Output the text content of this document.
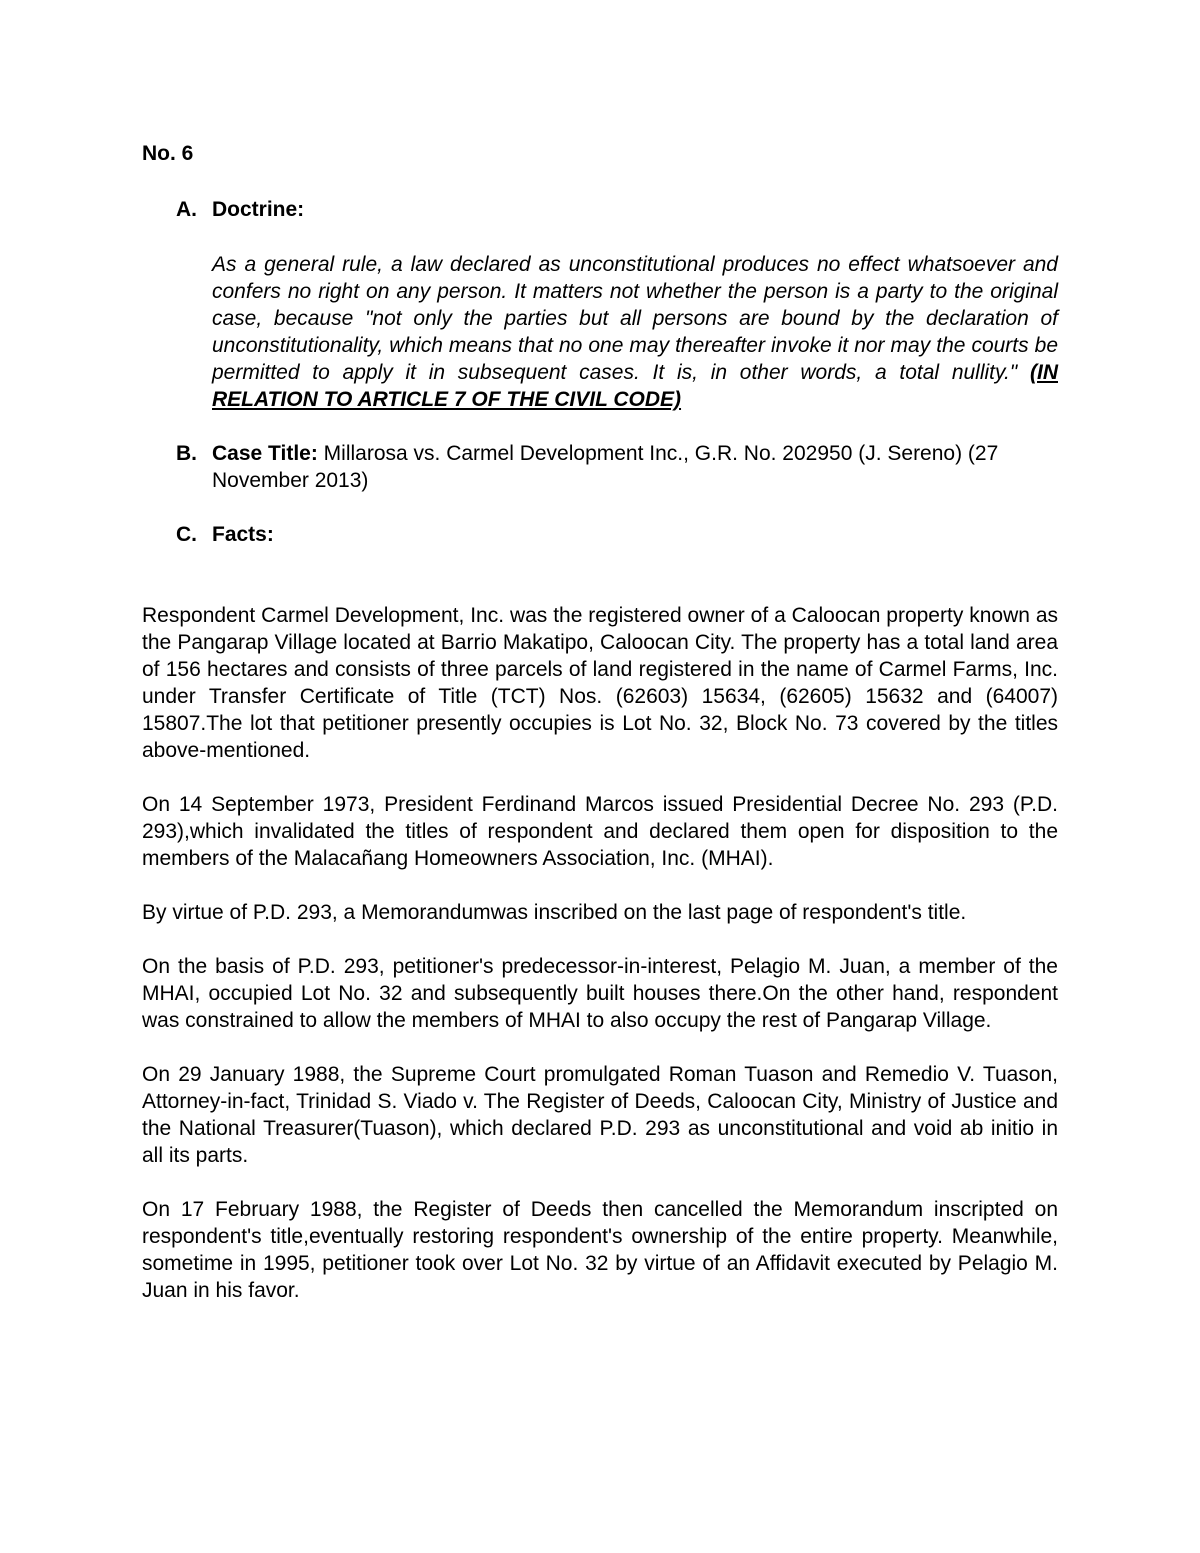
No. 6

A. Doctrine:
As a general rule, a law declared as unconstitutional produces no effect whatsoever and confers no right on any person. It matters not whether the person is a party to the original case, because "not only the parties but all persons are bound by the declaration of unconstitutionality, which means that no one may thereafter invoke it nor may the courts be permitted to apply it in subsequent cases. It is, in other words, a total nullity." (IN RELATION TO ARTICLE 7 OF THE CIVIL CODE)
B. Case Title: Millarosa vs. Carmel Development Inc., G.R. No. 202950 (J. Sereno) (27 November 2013)
C. Facts:

Respondent Carmel Development, Inc. was the registered owner of a Caloocan property known as the Pangarap Village located at Barrio Makatipo, Caloocan City. The property has a total land area of 156 hectares and consists of three parcels of land registered in the name of Carmel Farms, Inc. under Transfer Certificate of Title (TCT) Nos. (62603) 15634, (62605) 15632 and (64007) 15807.The lot that petitioner presently occupies is Lot No. 32, Block No. 73 covered by the titles above-mentioned.

On 14 September 1973, President Ferdinand Marcos issued Presidential Decree No. 293 (P.D. 293),which invalidated the titles of respondent and declared them open for disposition to the members of the Malacañang Homeowners Association, Inc. (MHAI).

By virtue of P.D. 293, a Memorandumwas inscribed on the last page of respondent's title.

On the basis of P.D. 293, petitioner's predecessor-in-interest, Pelagio M. Juan, a member of the MHAI, occupied Lot No. 32 and subsequently built houses there.On the other hand, respondent was constrained to allow the members of MHAI to also occupy the rest of Pangarap Village.

On 29 January 1988, the Supreme Court promulgated Roman Tuason and Remedio V. Tuason, Attorney-in-fact, Trinidad S. Viado v. The Register of Deeds, Caloocan City, Ministry of Justice and the National Treasurer(Tuason), which declared P.D. 293 as unconstitutional and void ab initio in all its parts.

On 17 February 1988, the Register of Deeds then cancelled the Memorandum inscripted on respondent's title,eventually restoring respondent's ownership of the entire property. Meanwhile, sometime in 1995, petitioner took over Lot No. 32 by virtue of an Affidavit executed by Pelagio M. Juan in his favor.
